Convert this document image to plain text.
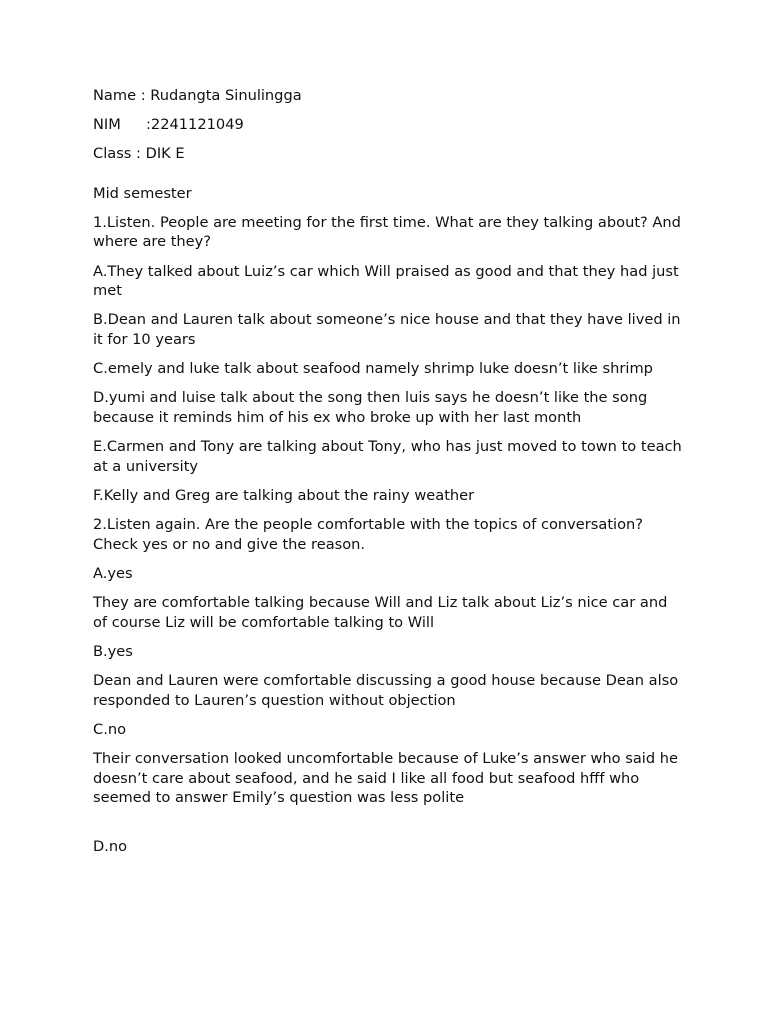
Name : Rudangta Sinulingga

NIM :2241121049

Class : DIK E

Mid semester

1.Listen. People are meeting for the first time. What are they talking about? And where are they?

A.They talked about Luiz’s car which Will praised as good and that they had just met

B.Dean and Lauren talk about someone’s nice house and that they have lived in it for 10 years

C.emely and luke talk about seafood namely shrimp luke doesn’t like shrimp

D.yumi and luise talk about the song then luis says he doesn’t like the song because it reminds him of his ex who broke up with her last month

E.Carmen and Tony are talking about Tony, who has just moved to town to teach at a university

F.Kelly and Greg are talking about the rainy weather

2.Listen again. Are the people comfortable with the topics of conversation? Check yes or no and give the reason.

A.yes

They are comfortable talking because Will and Liz talk about Liz’s nice car and of course Liz will be comfortable talking to Will

B.yes

Dean and Lauren were comfortable discussing a good house because Dean also responded to Lauren’s question without objection

C.no

Their conversation looked uncomfortable because of Luke’s answer who said he doesn’t care about seafood, and he said I like all food but seafood hfff who seemed to answer Emily’s question was less polite

D.no
